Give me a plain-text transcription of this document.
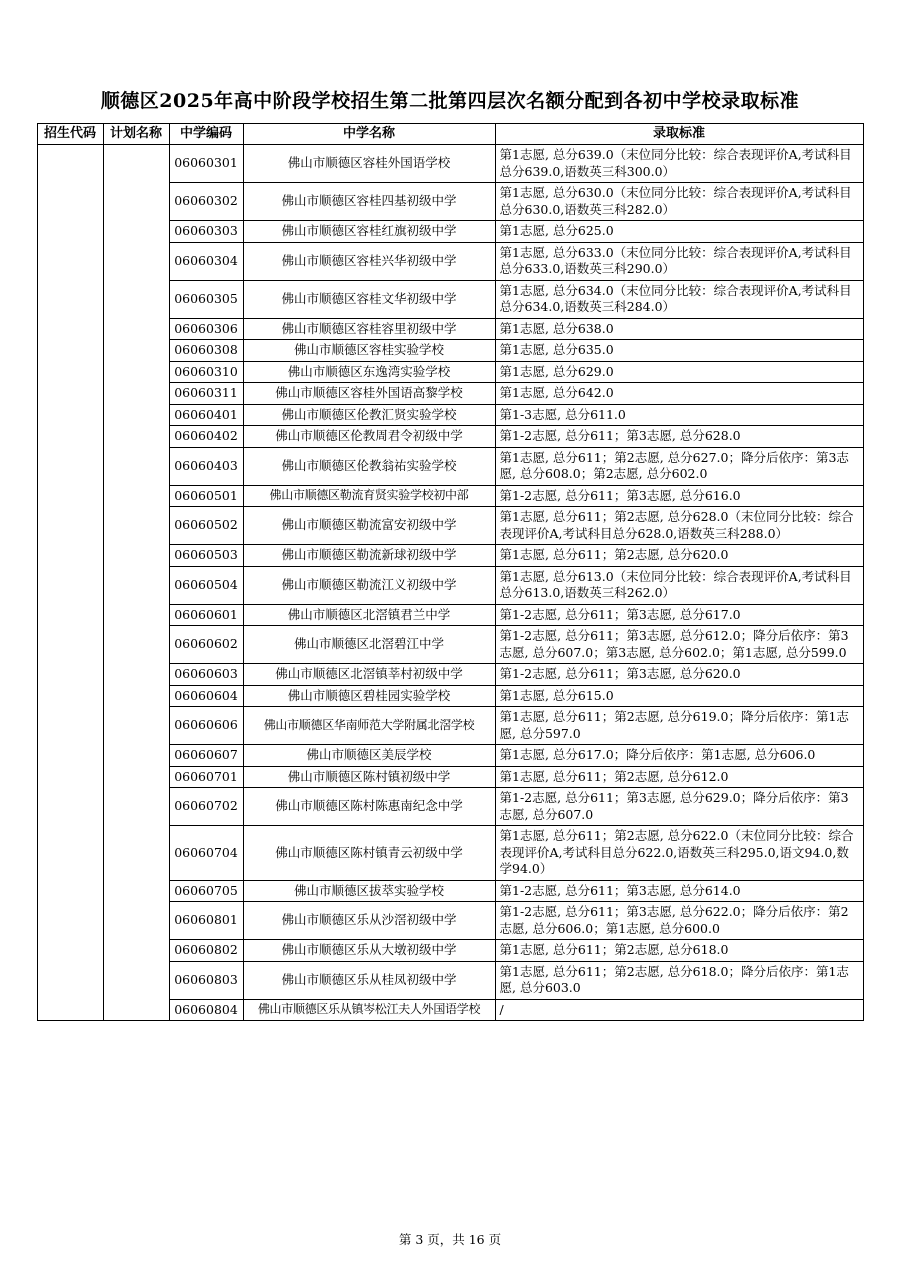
顺德区2025年高中阶段学校招生第二批第四层次名额分配到各初中学校录取标准
招生代码	计划名称	中学编码	中学名称	录取标准
		06060301	佛山市顺德区容桂外国语学校	第1志愿, 总分639.0（末位同分比较：综合表现评价A,考试科目总分639.0,语数英三科300.0）
		06060302	佛山市顺德区容桂四基初级中学	第1志愿, 总分630.0（末位同分比较：综合表现评价A,考试科目总分630.0,语数英三科282.0）
		06060303	佛山市顺德区容桂红旗初级中学	第1志愿, 总分625.0
		06060304	佛山市顺德区容桂兴华初级中学	第1志愿, 总分633.0（末位同分比较：综合表现评价A,考试科目总分633.0,语数英三科290.0）
		06060305	佛山市顺德区容桂文华初级中学	第1志愿, 总分634.0（末位同分比较：综合表现评价A,考试科目总分634.0,语数英三科284.0）
		06060306	佛山市顺德区容桂容里初级中学	第1志愿, 总分638.0
		06060308	佛山市顺德区容桂实验学校	第1志愿, 总分635.0
		06060310	佛山市顺德区东逸湾实验学校	第1志愿, 总分629.0
		06060311	佛山市顺德区容桂外国语高黎学校	第1志愿, 总分642.0
		06060401	佛山市顺德区伦教汇贤实验学校	第1-3志愿, 总分611.0
		06060402	佛山市顺德区伦教周君令初级中学	第1-2志愿, 总分611；第3志愿, 总分628.0
		06060403	佛山市顺德区伦教翁祐实验学校	第1志愿, 总分611；第2志愿, 总分627.0；降分后依序：第3志愿, 总分608.0；第2志愿, 总分602.0
		06060501	佛山市顺德区勒流育贤实验学校初中部	第1-2志愿, 总分611；第3志愿, 总分616.0
		06060502	佛山市顺德区勒流富安初级中学	第1志愿, 总分611；第2志愿, 总分628.0（末位同分比较：综合表现评价A,考试科目总分628.0,语数英三科288.0）
		06060503	佛山市顺德区勒流新球初级中学	第1志愿, 总分611；第2志愿, 总分620.0
		06060504	佛山市顺德区勒流江义初级中学	第1志愿, 总分613.0（末位同分比较：综合表现评价A,考试科目总分613.0,语数英三科262.0）
		06060601	佛山市顺德区北滘镇君兰中学	第1-2志愿, 总分611；第3志愿, 总分617.0
		06060602	佛山市顺德区北滘碧江中学	第1-2志愿, 总分611；第3志愿, 总分612.0；降分后依序：第3志愿, 总分607.0；第3志愿, 总分602.0；第1志愿, 总分599.0
		06060603	佛山市顺德区北滘镇莘村初级中学	第1-2志愿, 总分611；第3志愿, 总分620.0
		06060604	佛山市顺德区碧桂园实验学校	第1志愿, 总分615.0
		06060606	佛山市顺德区华南师范大学附属北滘学校	第1志愿, 总分611；第2志愿, 总分619.0；降分后依序：第1志愿, 总分597.0
		06060607	佛山市顺德区美辰学校	第1志愿, 总分617.0；降分后依序：第1志愿, 总分606.0
		06060701	佛山市顺德区陈村镇初级中学	第1志愿, 总分611；第2志愿, 总分612.0
		06060702	佛山市顺德区陈村陈惠南纪念中学	第1-2志愿, 总分611；第3志愿, 总分629.0；降分后依序：第3志愿, 总分607.0
		06060704	佛山市顺德区陈村镇青云初级中学	第1志愿, 总分611；第2志愿, 总分622.0（末位同分比较：综合表现评价A,考试科目总分622.0,语数英三科295.0,语文94.0,数学94.0）
		06060705	佛山市顺德区拔萃实验学校	第1-2志愿, 总分611；第3志愿, 总分614.0
		06060801	佛山市顺德区乐从沙滘初级中学	第1-2志愿, 总分611；第3志愿, 总分622.0；降分后依序：第2志愿, 总分606.0；第1志愿, 总分600.0
		06060802	佛山市顺德区乐从大墩初级中学	第1志愿, 总分611；第2志愿, 总分618.0
		06060803	佛山市顺德区乐从桂凤初级中学	第1志愿, 总分611；第2志愿, 总分618.0；降分后依序：第1志愿, 总分603.0
		06060804	佛山市顺德区乐从镇岑松江夫人外国语学校	/
第 3 页，共 16 页
